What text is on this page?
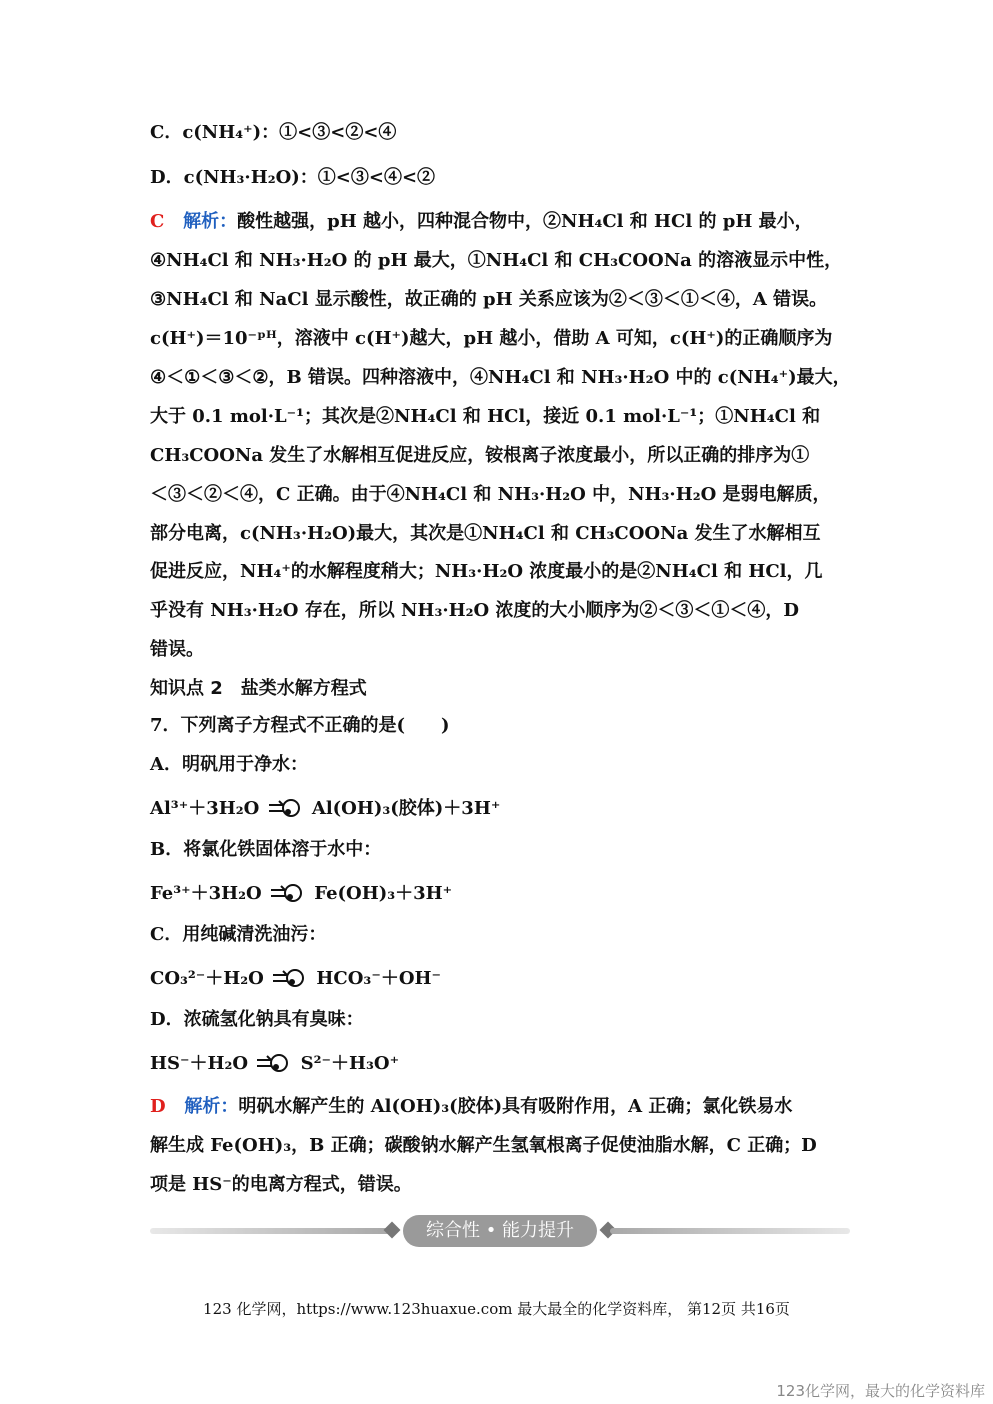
C．c(NH₄⁺)：①<③<②<④
D．c(NH₃·H₂O)：①<③<④<②
C 解析：酸性越强，pH 越小，四种混合物中，②NH₄Cl 和 HCl 的 pH 最小，
④NH₄Cl 和 NH₃·H₂O 的 pH 最大，①NH₄Cl 和 CH₃COONa 的溶液显示中性，
③NH₄Cl 和 NaCl 显示酸性，故正确的 pH 关系应该为②＜③＜①＜④，A 错误。
c(H⁺)＝10⁻ᵖᴴ，溶液中 c(H⁺)越大，pH 越小，借助 A 可知，c(H⁺)的正确顺序为
④＜①＜③＜②，B 错误。四种溶液中，④NH₄Cl 和 NH₃·H₂O 中的 c(NH₄⁺)最大，
大于 0.1 mol·L⁻¹；其次是②NH₄Cl 和 HCl，接近 0.1 mol·L⁻¹；①NH₄Cl 和
CH₃COONa 发生了水解相互促进反应，铵根离子浓度最小，所以正确的排序为①
＜③＜②＜④，C 正确。由于④NH₄Cl 和 NH₃·H₂O 中，NH₃·H₂O 是弱电解质，
部分电离，c(NH₃·H₂O)最大，其次是①NH₄Cl 和 CH₃COONa 发生了水解相互
促进反应，NH₄⁺的水解程度稍大；NH₃·H₂O 浓度最小的是②NH₄Cl 和 HCl，几
乎没有 NH₃·H₂O 存在，所以 NH₃·H₂O 浓度的大小顺序为②＜③＜①＜④，D
错误。
知识点 2　盐类水解方程式
7．下列离子方程式不正确的是(　　)
A．明矾用于净水：
Al³⁺＋3H₂O	Al(OH)₃(胶体)＋3H⁺
B．将氯化铁固体溶于水中：
Fe³⁺＋3H₂O	Fe(OH)₃＋3H⁺
C．用纯碱清洗油污：
CO₃²⁻＋H₂O	HCO₃⁻＋OH⁻
D．浓硫氢化钠具有臭味：
HS⁻＋H₂O	S²⁻＋H₃O⁺
D 解析：明矾水解产生的 Al(OH)₃(胶体)具有吸附作用，A 正确；氯化铁易水
解生成 Fe(OH)₃，B 正确；碳酸钠水解产生氢氧根离子促使油脂水解，C 正确；D
项是 HS⁻的电离方程式，错误。
综合性 • 能力提升
123 化学网，https://www.123huaxue.com 最大最全的化学资料库， 第12页 共16页
123化学网，最大的化学资料库
